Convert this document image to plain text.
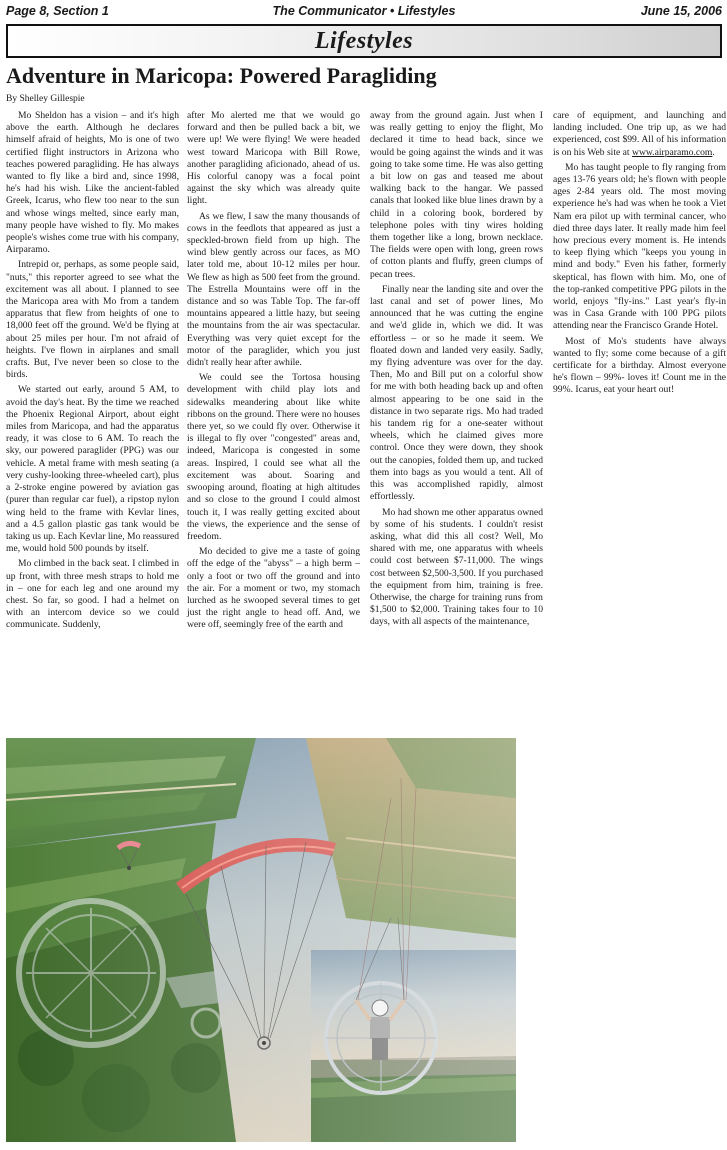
Page 8, Section 1	The Communicator • Lifestyles	June 15, 2006
Lifestyles
Adventure in Maricopa: Powered Paragliding
By Shelley Gillespie

Mo Sheldon has a vision – and it's high above the earth. Although he declares himself afraid of heights, Mo is one of two certified flight instructors in Arizona who teaches powered paragliding. He has always wanted to fly like a bird and, since 1998, he's had his wish. Like the ancient-fabled Greek, Icarus, who flew too near to the sun and whose wings melted, since early man, many people have wished to fly. Mo makes people's wishes come true with his company, Airparamo.

Intrepid or, perhaps, as some people said, "nuts," this reporter agreed to see what the excitement was all about. I planned to see the Maricopa area with Mo from a tandem apparatus that flew from heights of one to 18,000 feet off the ground. We'd be flying at about 25 miles per hour. I'm not afraid of heights. I've flown in airplanes and small crafts. But, I've never been so close to the birds.

We started out early, around 5 AM, to avoid the day's heat. By the time we reached the Phoenix Regional Airport, about eight miles from Maricopa, and had the apparatus ready, it was close to 6 AM. To reach the sky, our powered paraglider (PPG) was our vehicle. A metal frame with mesh seating (a very cushy-looking three-wheeled cart), plus a 2-stroke engine powered by aviation gas (purer than regular car fuel), a ripstop nylon wing held to the frame with Kevlar lines, and a 4.5 gallon plastic gas tank would be taking us up. Each Kevlar line, Mo reassured me, would hold 500 pounds by itself.

Mo climbed in the back seat. I climbed in up front, with three mesh straps to hold me in – one for each leg and one around my chest. So far, so good. I had a helmet on with an intercom device so we could communicate. Suddenly,

after Mo alerted me that we would go forward and then be pulled back a bit, we were up! We were flying! We were headed west toward Maricopa with Bill Rowe, another paragliding aficionado, ahead of us. His colorful canopy was a focal point against the sky which was already quite light.

As we flew, I saw the many thousands of cows in the feedlots that appeared as just a speckled-brown field from up high. The wind blew gently across our faces, as MO later told me, about 10-12 miles per hour. We flew as high as 500 feet from the ground. The Estrella Mountains were off in the distance and so was Table Top. The far-off mountains appeared a little hazy, but seeing the mountains from the air was spectacular. Everything was very quiet except for the motor of the paraglider, which you just didn't really hear after awhile.

We could see the Tortosa housing development with child play lots and sidewalks meandering about like white ribbons on the ground. There were no houses there yet, so we could fly over. Otherwise it is illegal to fly over "congested" areas and, indeed, Maricopa is congested in some areas. Inspired, I could see what all the excitement was about. Soaring and swooping around, floating at high altitudes and so close to the ground I could almost touch it, I was really getting excited about the views, the experience and the sense of freedom.

Mo decided to give me a taste of going off the edge of the "abyss" – a high berm – only a foot or two off the ground and into the air. For a moment or two, my stomach lurched as he swooped several times to get just the right angle to head off. And, we were off, seemingly free of the earth and

away from the ground again. Just when I was really getting to enjoy the flight, Mo declared it time to head back, since we would be going against the winds and it was going to take some time. He was also getting a bit low on gas and teased me about walking back to the hangar. We passed canals that looked like blue lines drawn by a child in a coloring book, bordered by telephone poles with tiny wires holding them together like a long, brown necklace. The fields were open with long, green rows of cotton plants and fluffy, green clumps of pecan trees.

Finally near the landing site and over the last canal and set of power lines, Mo announced that he was cutting the engine and we'd glide in, which we did. It was effortless – or so he made it seem. We floated down and landed very easily. Sadly, my flying adventure was over for the day. Then, Mo and Bill put on a colorful show for me with both heading back up and often almost appearing to be one said in the distance in two separate rigs. Mo had traded his tandem rig for a one-seater without wheels, which he claimed gives more control. Once they were down, they shook out the canopies, folded them up, and tucked them into bags as you would a tent. All of this was accomplished rapidly, almost effortlessly.

Mo had shown me other apparatus owned by some of his students. I couldn't resist asking, what did this all cost? Well, Mo shared with me, one apparatus with wheels could cost between $7-11,000. The wings cost between $2,500-3,500. If you purchased the equipment from him, training is free. Otherwise, the charge for training runs from $1,500 to $2,000. Training takes four to 10 days, with all aspects of the maintenance,

care of equipment, and launching and landing included. One trip up, as we had experienced, cost $99. All of his information is on his Web site at www.airparamo.com.

Mo has taught people to fly ranging from ages 13-76 years old; he's flown with people ages 2-84 years old. The most moving experience he's had was when he took a Viet Nam era pilot up with terminal cancer, who died three days later. It really made him feel how precious every moment is. He intends to keep flying which "keeps you young in mind and body." Even his father, formerly skeptical, has flown with him. Mo, one of the top-ranked competitive PPG pilots in the world, enjoys "fly-ins." Last year's fly-in was in Casa Grande with 100 PPG pilots attending near the Francisco Grande Hotel.

Most of Mo's students have always wanted to fly; some come because of a gift certificate for a birthday. Almost everyone he's flown – 99%- loves it! Count me in the 99%. Icarus, eat your heart out!
